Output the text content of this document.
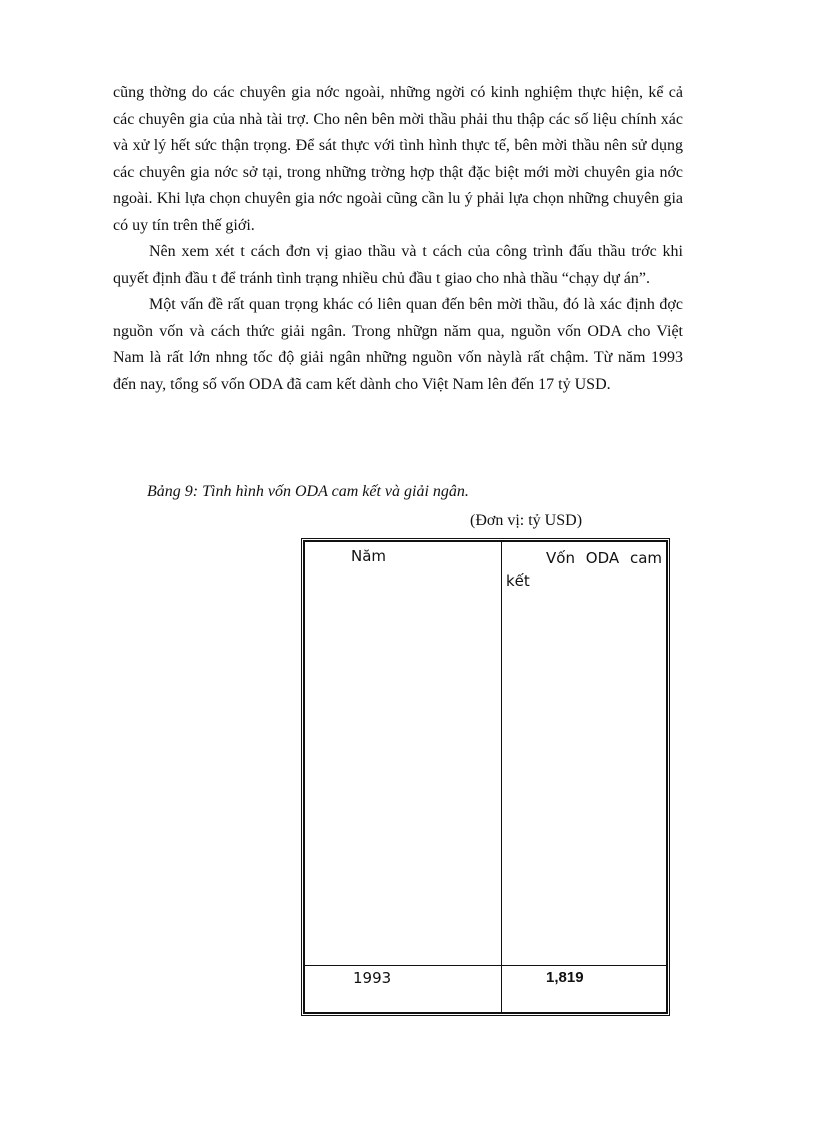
cũng thờng do các chuyên gia nớc ngoài, những ngời có kinh nghiệm thực hiện, kể cả các chuyên gia của nhà tài trợ. Cho nên bên mời thầu phải thu thập các số liệu chính xác và xử lý hết sức thận trọng. Để sát thực với tình hình thực tế, bên mời thầu nên sử dụng các chuyên gia nớc sở tại, trong những trờng hợp thật đặc biệt mới mời chuyên gia nớc ngoài. Khi lựa chọn chuyên gia nớc ngoài cũng cần lu ý phải lựa chọn những chuyên gia có uy tín trên thế giới.

Nên xem xét t cách đơn vị giao thầu và t cách của công trình đấu thầu trớc khi quyết định đầu t để tránh tình trạng nhiều chủ đầu t giao cho nhà thầu “chạy dự án”.

Một vấn đề rất quan trọng khác có liên quan đến bên mời thầu, đó là xác định đợc nguồn vốn và cách thức giải ngân. Trong nhữgn năm qua, nguồn vốn ODA cho Việt Nam là rất lớn nhng tốc độ giải ngân những nguồn vốn nàylà rất chậm. Từ năm 1993 đến nay, tổng số vốn ODA đã cam kết dành cho Việt Nam lên đến 17 tỷ USD.

Bảng 9: Tình hình vốn ODA cam kết và giải ngân.
(Đơn vị: tỷ USD)
Năm	Vốn ODA cam kết

1993	1,819
